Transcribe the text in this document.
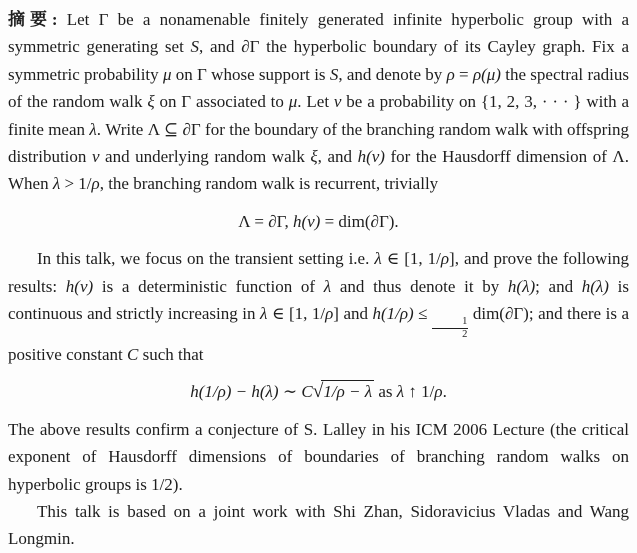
摘要: Let Γ be a nonamenable finitely generated infinite hyperbolic group with a symmetric generating set S, and ∂Γ the hyperbolic boundary of its Cayley graph. Fix a symmetric probability μ on Γ whose support is S, and denote by ρ = ρ(μ) the spectral radius of the random walk ξ on Γ associated to μ. Let ν be a probability on {1, 2, 3, · · · } with a finite mean λ. Write Λ ⊆ ∂Γ for the boundary of the branching random walk with offspring distribution ν and underlying random walk ξ, and h(ν) for the Hausdorff dimension of Λ. When λ > 1/ρ, the branching random walk is recurrent, trivially

Λ = ∂Γ, h(ν) = dim(∂Γ).

In this talk, we focus on the transient setting i.e. λ ∈ [1, 1/ρ], and prove the following results: h(ν) is a deterministic function of λ and thus denote it by h(λ); and h(λ) is continuous and strictly increasing in λ ∈ [1, 1/ρ] and h(1/ρ) ≤
$\frac{1}{2}$
dim(∂Γ); and there is a positive constant C such that

h(1/ρ) − h(λ) ∼ C√1/ρ − λ as λ ↑ 1/ρ.

The above results confirm a conjecture of S. Lalley in his ICM 2006 Lecture (the critical exponent of Hausdorff dimensions of boundaries of branching random walks on hyperbolic groups is 1/2).

This talk is based on a joint work with Shi Zhan, Sidoravicius Vladas and Wang Longmin.
